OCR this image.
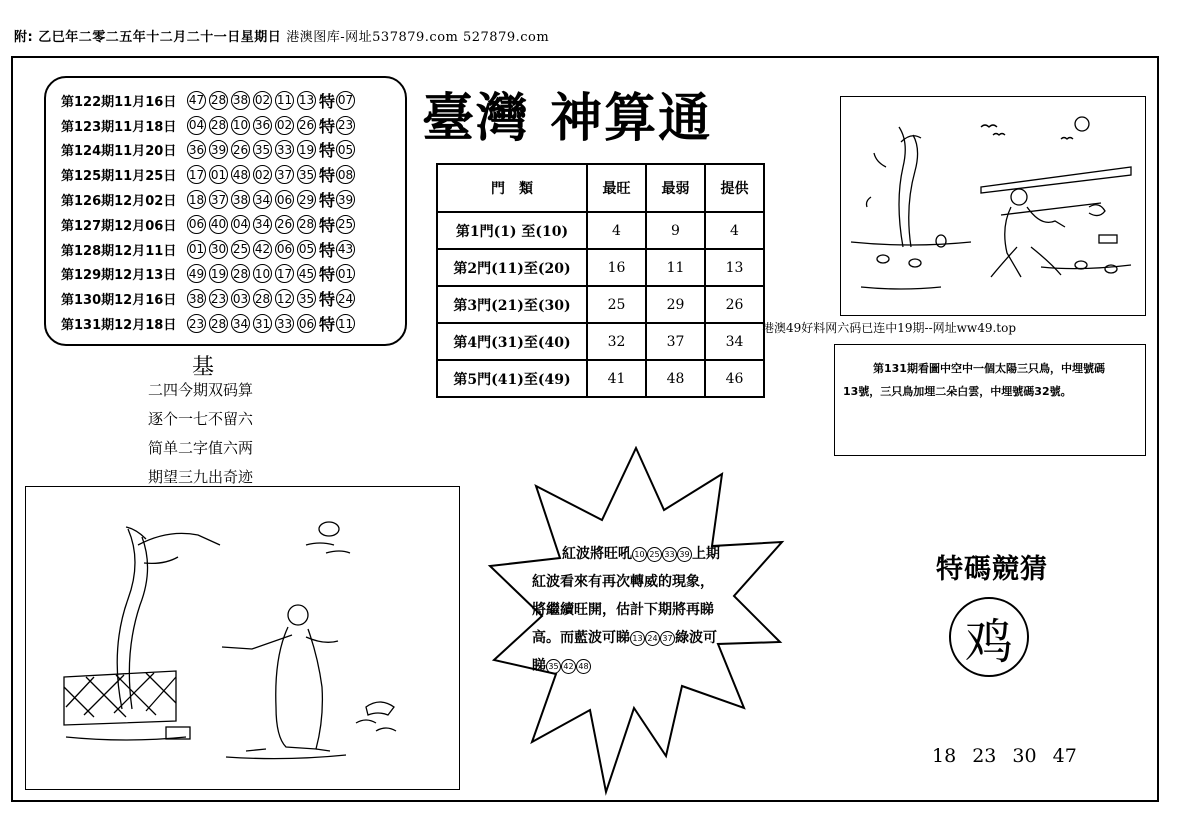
附: 乙巳年二零二五年十二月二十一日星期日 港澳图库-网址537879.com 527879.com
第122期11月16日	47 28 38 02 11 13 特 07
第123期11月18日	04 28 10 36 02 26 特 23
第124期11月20日	36 39 26 35 33 19 特 05
第125期11月25日	17 01 48 02 37 35 特 08
第126期12月02日	18 37 38 34 06 29 特 39
第127期12月06日	06 40 04 34 26 28 特 25
第128期12月11日	01 30 25 42 06 05 特 43
第129期12月13日	49 19 28 10 17 45 特 01
第130期12月16日	38 23 03 28 12 35 特 24
第131期12月18日	23 28 34 31 33 06 特 11
基
二四今期双码算
逐个一七不留六
简单二字值六两
期望三九出奇迹
臺灣 神算通
門　類	最旺	最弱	提供
第1門(1) 至(10)	4	9	4
第2門(11)至(20)	16	11	13
第3門(21)至(30)	25	29	26
第4門(31)至(40)	32	37	34
第5門(41)至(49)	41	48	46
港澳49好料网六码已连中19期--网址ww49.top
第131期看圖中空中一個太陽三只鳥，中埋號碼
13號，三只鳥加埋二朵白雲，中埋號碼32號。
紅波將旺吼 10 25 33 39 上期
紅波看來有再次轉威的現象，
將繼續旺開，估計下期將再睇
高。而藍波可睇 13 24 37 綠波可
睇 35 42 48
特碼競猜
鸡
18 23 30 47
